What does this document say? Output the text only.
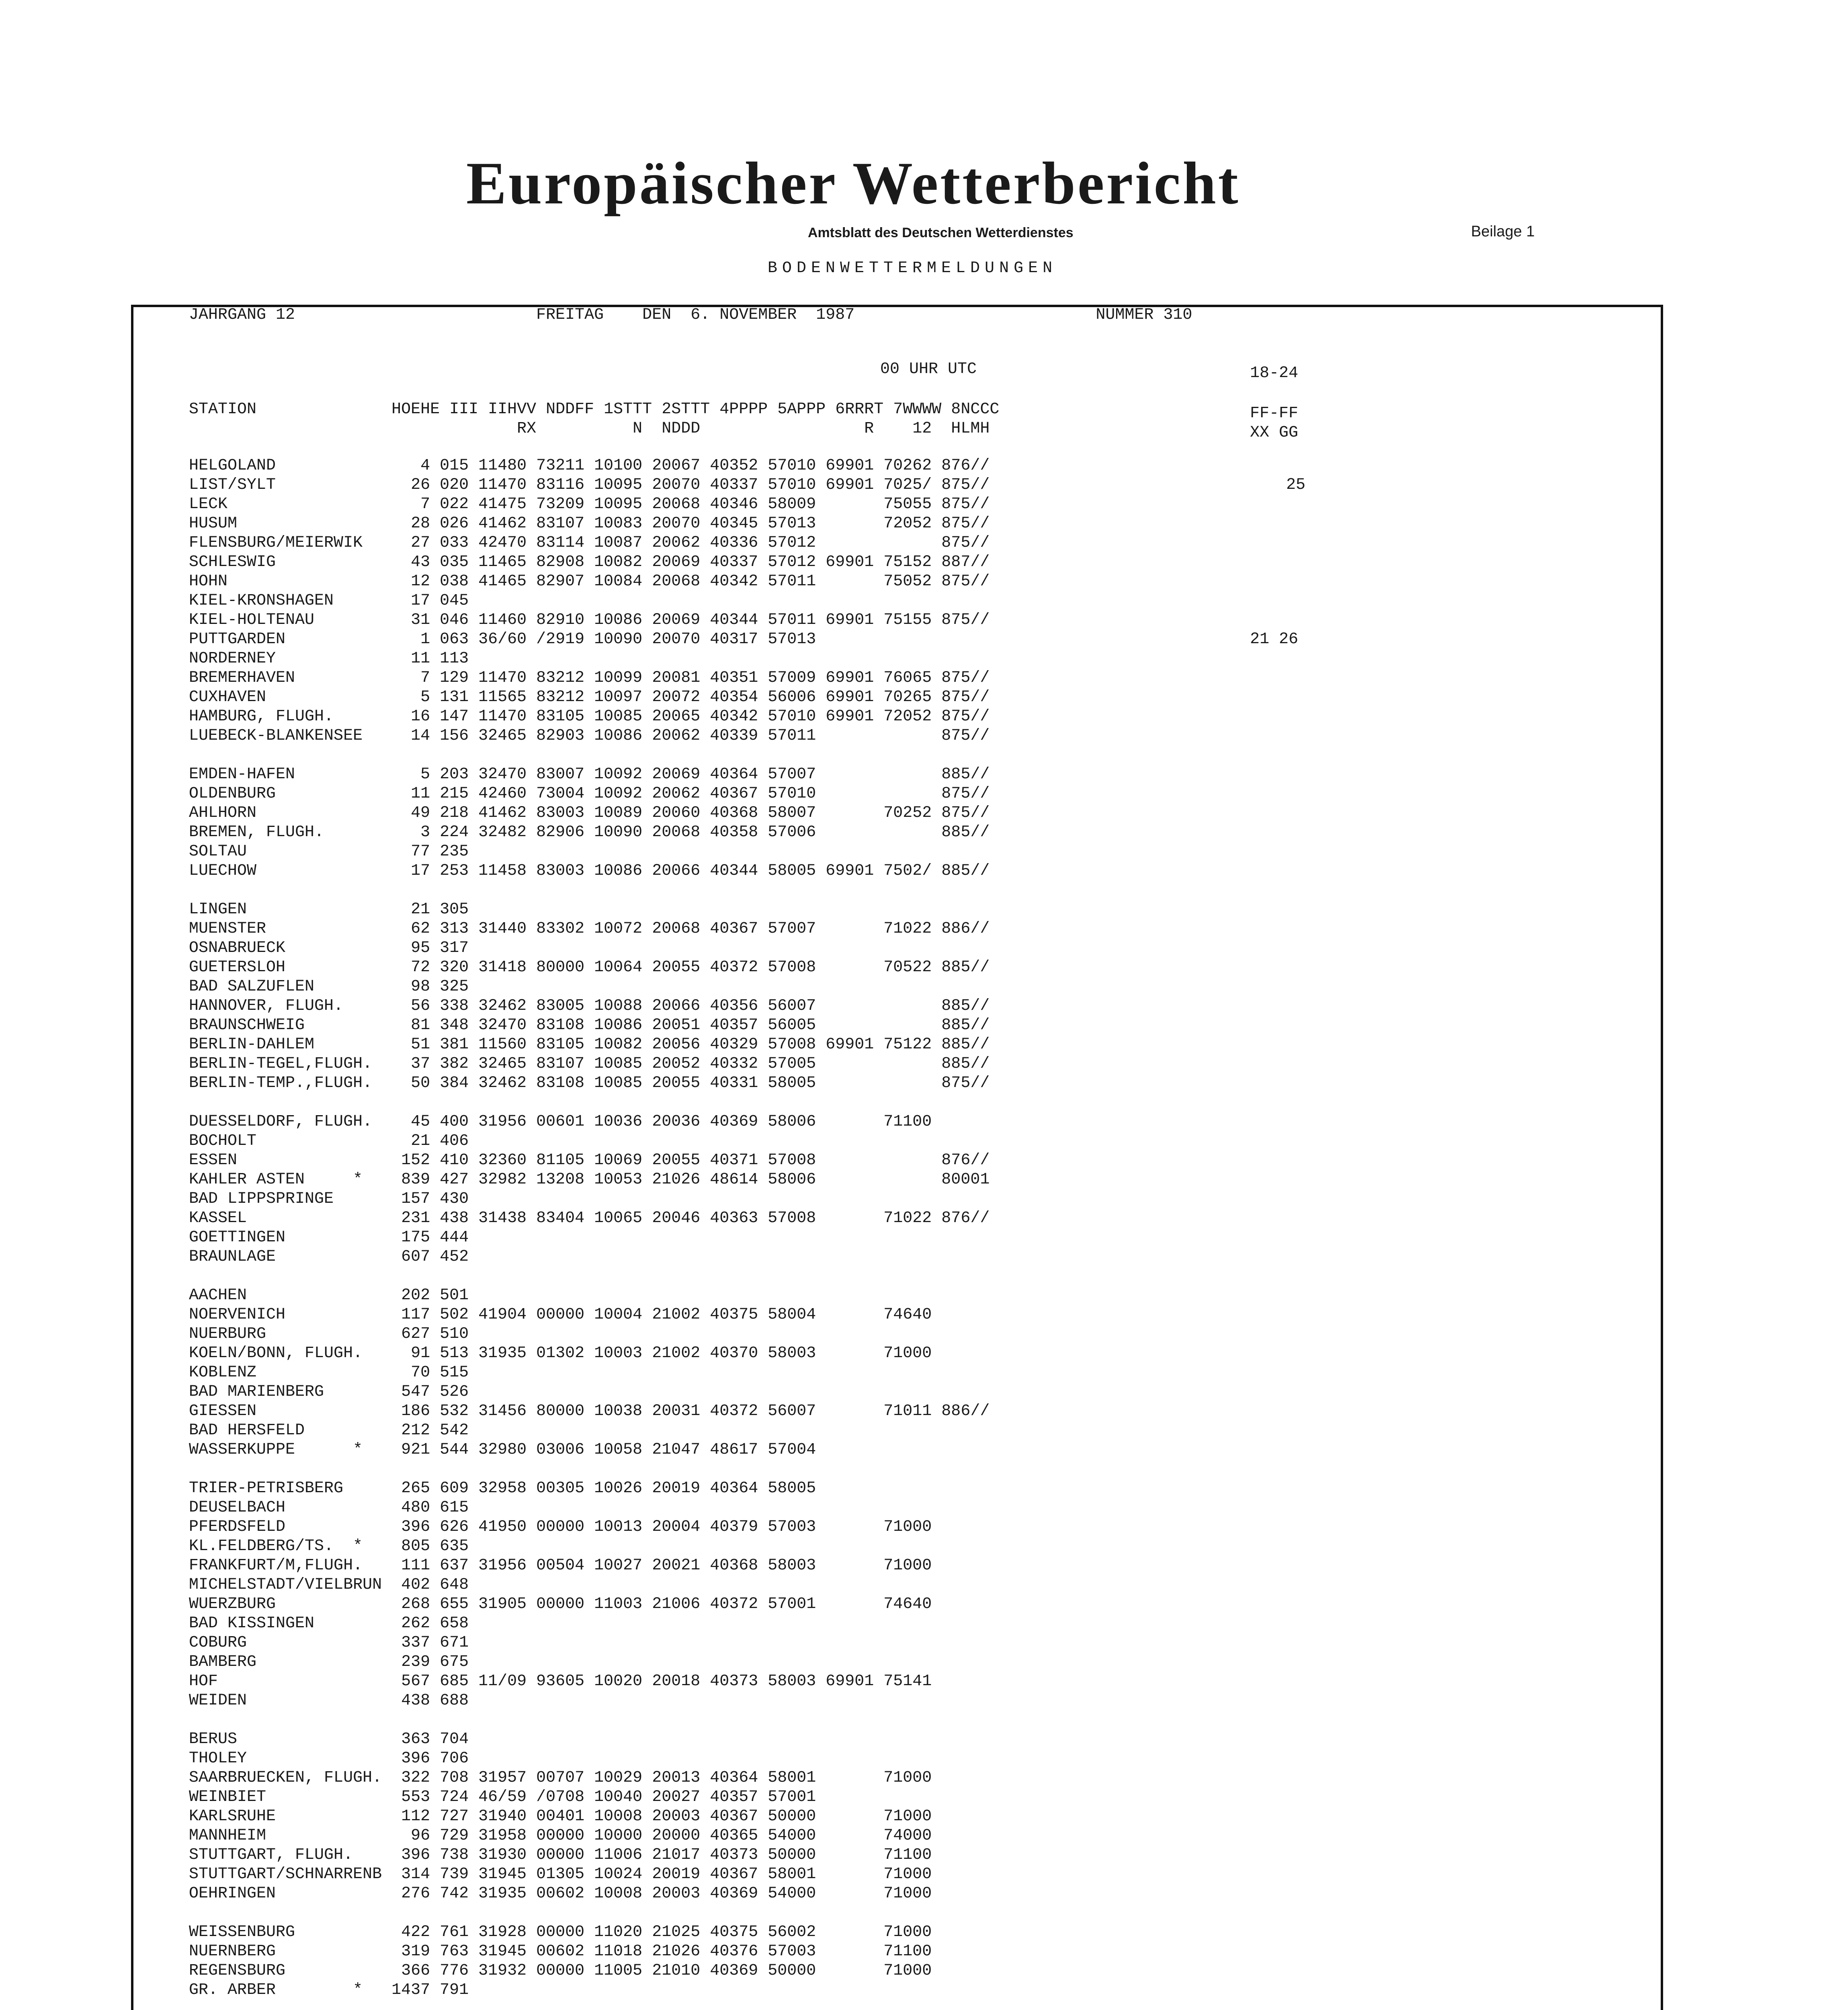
Europäischer Wetterbericht
Amtsblatt des Deutschen Wetterdienstes	Beilage 1
BODENWETTERMELDUNGEN
JAHRGANG 12                         FREITAG    DEN  6. NOVEMBER  1987                         NUMMER 310
00 UHR UTC	18-24
STATION              HOEHE III IIHVV NDDFF 1STTT 2STTT 4PPPP 5APPP 6RRRT 7WWWW 8NCCC
RX          N  NDDD                 R    12  HLMH
FF-FF
XX GG
HELGOLAND               4 015 11480 73211 10100 20067 40352 57010 69901 70262 876//
LIST/SYLT              26 020 11470 83116 10095 20070 40337 57010 69901 7025/ 875//
LECK                    7 022 41475 73209 10095 20068 40346 58009       75055 875//
HUSUM                  28 026 41462 83107 10083 20070 40345 57013       72052 875//
FLENSBURG/MEIERWIK     27 033 42470 83114 10087 20062 40336 57012             875//
SCHLESWIG              43 035 11465 82908 10082 20069 40337 57012 69901 75152 887//
HOHN                   12 038 41465 82907 10084 20068 40342 57011       75052 875//
KIEL-KRONSHAGEN        17 045
KIEL-HOLTENAU          31 046 11460 82910 10086 20069 40344 57011 69901 75155 875//
PUTTGARDEN              1 063 36/60 /2919 10090 20070 40317 57013
NORDERNEY              11 113
BREMERHAVEN             7 129 11470 83212 10099 20081 40351 57009 69901 76065 875//
CUXHAVEN                5 131 11565 83212 10097 20072 40354 56006 69901 70265 875//
HAMBURG, FLUGH.        16 147 11470 83105 10085 20065 40342 57010 69901 72052 875//
LUEBECK-BLANKENSEE     14 156 32465 82903 10086 20062 40339 57011             875//
EMDEN-HAFEN             5 203 32470 83007 10092 20069 40364 57007             885//
OLDENBURG              11 215 42460 73004 10092 20062 40367 57010             875//
AHLHORN                49 218 41462 83003 10089 20060 40368 58007       70252 875//
BREMEN, FLUGH.          3 224 32482 82906 10090 20068 40358 57006             885//
SOLTAU                 77 235
LUECHOW                17 253 11458 83003 10086 20066 40344 58005 69901 7502/ 885//
LINGEN                 21 305
MUENSTER               62 313 31440 83302 10072 20068 40367 57007       71022 886//
OSNABRUECK             95 317
GUETERSLOH             72 320 31418 80000 10064 20055 40372 57008       70522 885//
BAD SALZUFLEN          98 325
HANNOVER, FLUGH.       56 338 32462 83005 10088 20066 40356 56007             885//
BRAUNSCHWEIG           81 348 32470 83108 10086 20051 40357 56005             885//
BERLIN-DAHLEM          51 381 11560 83105 10082 20056 40329 57008 69901 75122 885//
BERLIN-TEGEL,FLUGH.    37 382 32465 83107 10085 20052 40332 57005             885//
BERLIN-TEMP.,FLUGH.    50 384 32462 83108 10085 20055 40331 58005             875//
DUESSELDORF, FLUGH.    45 400 31956 00601 10036 20036 40369 58006       71100
BOCHOLT                21 406
ESSEN                 152 410 32360 81105 10069 20055 40371 57008             876//
KAHLER ASTEN     *    839 427 32982 13208 10053 21026 48614 58006             80001
BAD LIPPSPRINGE       157 430
KASSEL                231 438 31438 83404 10065 20046 40363 57008       71022 876//
GOETTINGEN            175 444
BRAUNLAGE             607 452
AACHEN                202 501
NOERVENICH            117 502 41904 00000 10004 21002 40375 58004       74640
NUERBURG              627 510
KOELN/BONN, FLUGH.     91 513 31935 01302 10003 21002 40370 58003       71000
KOBLENZ                70 515
BAD MARIENBERG        547 526
GIESSEN               186 532 31456 80000 10038 20031 40372 56007       71011 886//
BAD HERSFELD          212 542
WASSERKUPPE      *    921 544 32980 03006 10058 21047 48617 57004
TRIER-PETRISBERG      265 609 32958 00305 10026 20019 40364 58005
DEUSELBACH            480 615
PFERDSFELD            396 626 41950 00000 10013 20004 40379 57003       71000
KL.FELDBERG/TS.  *    805 635
FRANKFURT/M,FLUGH.    111 637 31956 00504 10027 20021 40368 58003       71000
MICHELSTADT/VIELBRUN  402 648
WUERZBURG             268 655 31905 00000 11003 21006 40372 57001       74640
BAD KISSINGEN         262 658
COBURG                337 671
BAMBERG               239 675
HOF                   567 685 11/09 93605 10020 20018 40373 58003 69901 75141
WEIDEN                438 688
BERUS                 363 704
THOLEY                396 706
SAARBRUECKEN, FLUGH.  322 708 31957 00707 10029 20013 40364 58001       71000
WEINBIET              553 724 46/59 /0708 10040 20027 40357 57001
KARLSRUHE             112 727 31940 00401 10008 20003 40367 50000       71000
MANNHEIM               96 729 31958 00000 10000 20000 40365 54000       74000
STUTTGART, FLUGH.     396 738 31930 00000 11006 21017 40373 50000       71100
STUTTGART/SCHNARRENB  314 739 31945 01305 10024 20019 40367 58001       71000
OEHRINGEN             276 742 31935 00602 10008 20003 40369 54000       71000
WEISSENBURG           422 761 31928 00000 11020 21025 40375 56002       71000
NUERNBERG             319 763 31945 00602 11018 21026 40376 57003       71100
REGENSBURG            366 776 31932 00000 11005 21010 40369 50000       71000
GR. ARBER        *   1437 791
25
21 26
